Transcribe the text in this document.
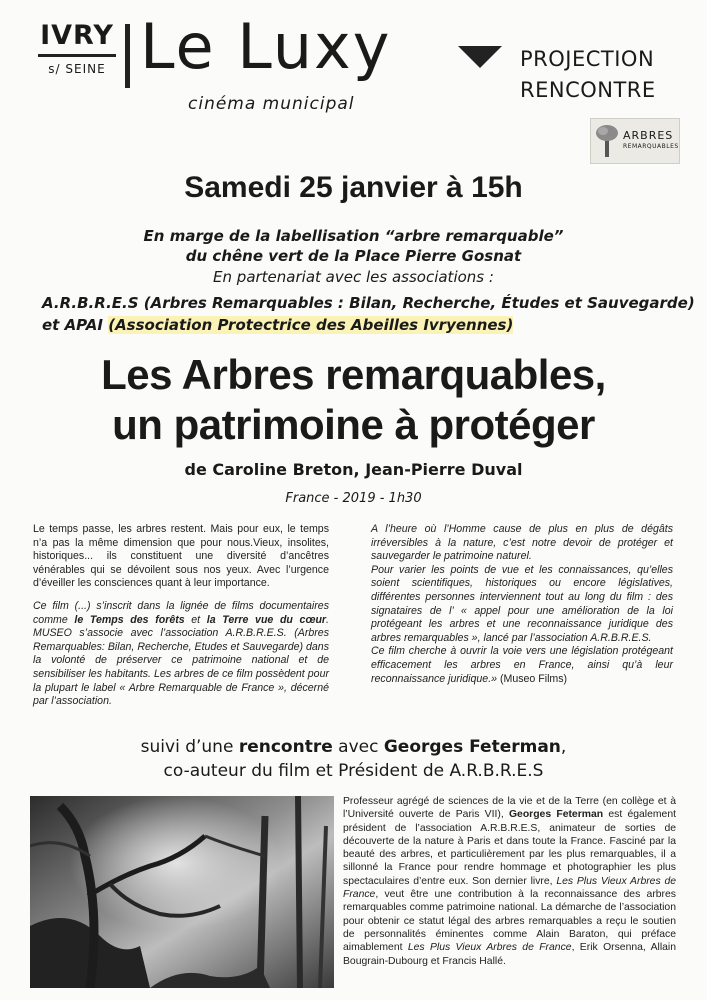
IVRY
s/ SEINE Le Luxy
cinéma municipal
PROJECTION
RENCONTRE
ARBRES
REMARQUABLES
Samedi 25 janvier à 15h
En marge de la labellisation “arbre remarquable”
du chêne vert de la Place Pierre Gosnat
En partenariat avec les associations :
A.R.B.R.E.S (Arbres Remarquables : Bilan, Recherche, Études et Sauvegarde)
et APAI (Association Protectrice des Abeilles Ivryennes)
Les Arbres remarquables,
un patrimoine à protéger
de Caroline Breton, Jean-Pierre Duval
France - 2019 - 1h30

Le temps passe, les arbres restent. Mais pour eux, le temps n’a pas la même dimension que pour nous.Vieux, insolites, historiques... ils constituent une diversité d’ancêtres vénérables qui se dévoilent sous nos yeux. Avec l’urgence d’éveiller les consciences quant à leur importance.

Ce film (...) s’inscrit dans la lignée de films documentaires comme le Temps des forêts et la Terre vue du cœur. MUSEO s’associe avec l’association A.R.B.R.E.S. (Arbres Remarquables: Bilan, Recherche, Etudes et Sauvegarde) dans la volonté de préserver ce patrimoine national et de sensibiliser les habitants. Les arbres de ce film possèdent pour la plupart le label « Arbre Remarquable de France », décerné par l’association.

A l’heure où l’Homme cause de plus en plus de dégâts irréversibles à la nature, c’est notre devoir de protéger et sauvegarder le patrimoine naturel.

Pour varier les points de vue et les connaissances, qu’elles soient scientifiques, historiques ou encore législatives, différentes personnes interviennent tout au long du film : des signataires de l’ « appel pour une amélioration de la loi protégeant les arbres et une reconnaissance juridique des arbres remarquables », lancé par l’association A.R.B.R.E.S.

Ce film cherche à ouvrir la voie vers une législation protégeant efficacement les arbres en France, ainsi qu’à leur reconnaissance juridique.» (Museo Films)

suivi d’une rencontre avec Georges Feterman,
co-auteur du film et Président de A.R.B.R.E.S
Professeur agrégé de sciences de la vie et de la Terre (en collège et à l’Université ouverte de Paris VII), Georges Feterman est également président de l’association A.R.B.R.E.S, animateur de sorties de découverte de la nature à Paris et dans toute la France. Fasciné par la beauté des arbres, et particulièrement par les plus remarquables, il a sillonné la France pour rendre hommage et photographier les plus spectaculaires d’entre eux. Son dernier livre, Les Plus Vieux Arbres de France, veut être une contribution à la reconnaissance des arbres remarquables comme patrimoine national. La démarche de l’association pour obtenir ce statut légal des arbres remarquables a reçu le soutien de personnalités éminentes comme Alain Baraton, qui préface aimablement Les Plus Vieux Arbres de France, Erik Orsenna, Allain Bougrain-Dubourg et Francis Hallé.
